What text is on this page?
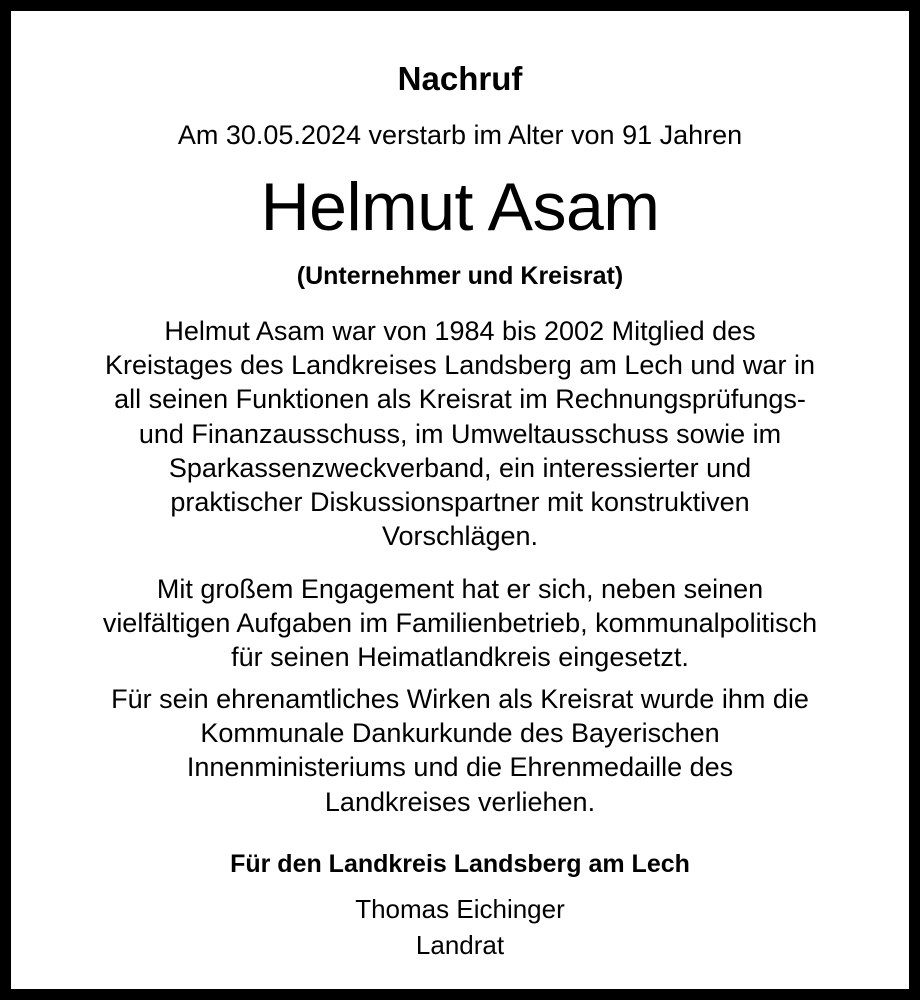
Nachruf
Am 30.05.2024 verstarb im Alter von 91 Jahren
Helmut Asam
(Unternehmer und Kreisrat)
Helmut Asam war von 1984 bis 2002 Mitglied des
Kreistages des Landkreises Landsberg am Lech und war in
all seinen Funktionen als Kreisrat im Rechnungsprüfungs-
und Finanzausschuss, im Umweltausschuss sowie im
Sparkassenzweckverband, ein interessierter und
praktischer Diskussionspartner mit konstruktiven
Vorschlägen.
Mit großem Engagement hat er sich, neben seinen
vielfältigen Aufgaben im Familienbetrieb, kommunalpolitisch
für seinen Heimatlandkreis eingesetzt.
Für sein ehrenamtliches Wirken als Kreisrat wurde ihm die
Kommunale Dankurkunde des Bayerischen
Innenministeriums und die Ehrenmedaille des
Landkreises verliehen.
Für den Landkreis Landsberg am Lech
Thomas Eichinger
Landrat
